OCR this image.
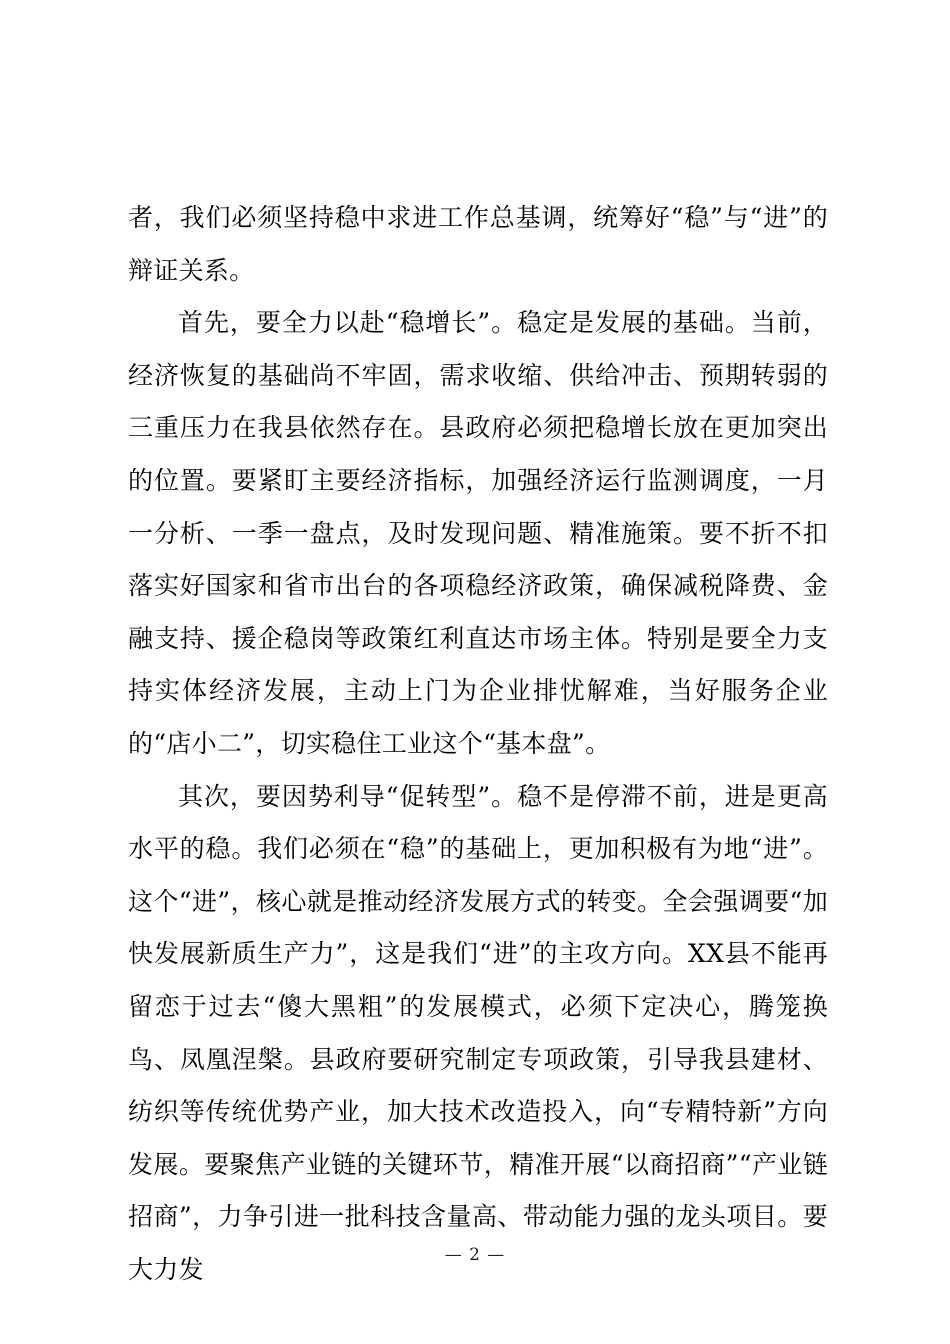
者，我们必须坚持稳中求进工作总基调，统筹好“稳”与“进”的辩证关系。

首先，要全力以赴“稳增长”。稳定是发展的基础。当前，经济恢复的基础尚不牢固，需求收缩、供给冲击、预期转弱的三重压力在我县依然存在。县政府必须把稳增长放在更加突出的位置。要紧盯主要经济指标，加强经济运行监测调度，一月一分析、一季一盘点，及时发现问题、精准施策。要不折不扣落实好国家和省市出台的各项稳经济政策，确保减税降费、金融支持、援企稳岗等政策红利直达市场主体。特别是要全力支持实体经济发展，主动上门为企业排忧解难，当好服务企业的“店小二”，切实稳住工业这个“基本盘”。

其次，要因势利导“促转型”。稳不是停滞不前，进是更高水平的稳。我们必须在“稳”的基础上，更加积极有为地“进”。这个“进”，核心就是推动经济发展方式的转变。全会强调要“加快发展新质生产力”，这是我们“进”的主攻方向。XX县不能再留恋于过去“傻大黑粗”的发展模式，必须下定决心，腾笼换鸟、凤凰涅槃。县政府要研究制定专项政策，引导我县建材、纺织等传统优势产业，加大技术改造投入，向“专精特新”方向发展。要聚焦产业链的关键环节，精准开展“以商招商”“产业链招商”，力争引进一批科技含量高、带动能力强的龙头项目。要大力发	— 2 —
